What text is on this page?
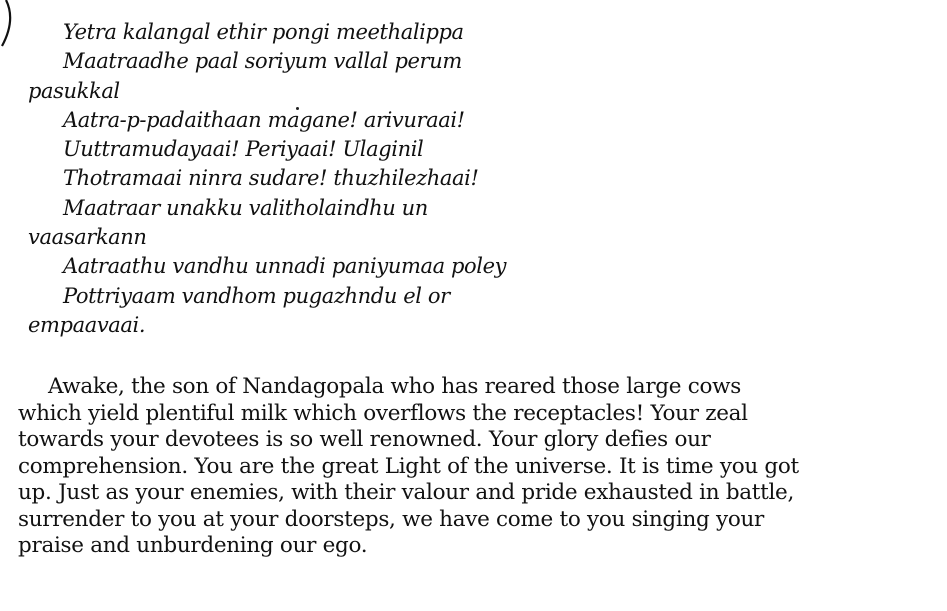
Yetra kalangal ethir pongi meethalippa
Maatraadhe paal soriyum vallal perum
pasukkal
Aatra-p-padaithaan magane! arivuraai!
Uuttramudayaai! Periyaai! Ulaginil
Thotramaai ninra sudare! thuzhilezhaai!
Maatraar unakku valitholaindhu un
vaasarkann
Aatraathu vandhu unnadi paniyumaa poley
Pottriyaam vandhom pugazhndu el or
empaavaai.
Awake, the son of Nandagopala who has reared those large cows
which yield plentiful milk which overflows the receptacles! Your zeal
towards your devotees is so well renowned. Your glory defies our
comprehension. You are the great Light of the universe. It is time you got
up. Just as your enemies, with their valour and pride exhausted in battle,
surrender to you at your doorsteps, we have come to you singing your
praise and unburdening our ego.
